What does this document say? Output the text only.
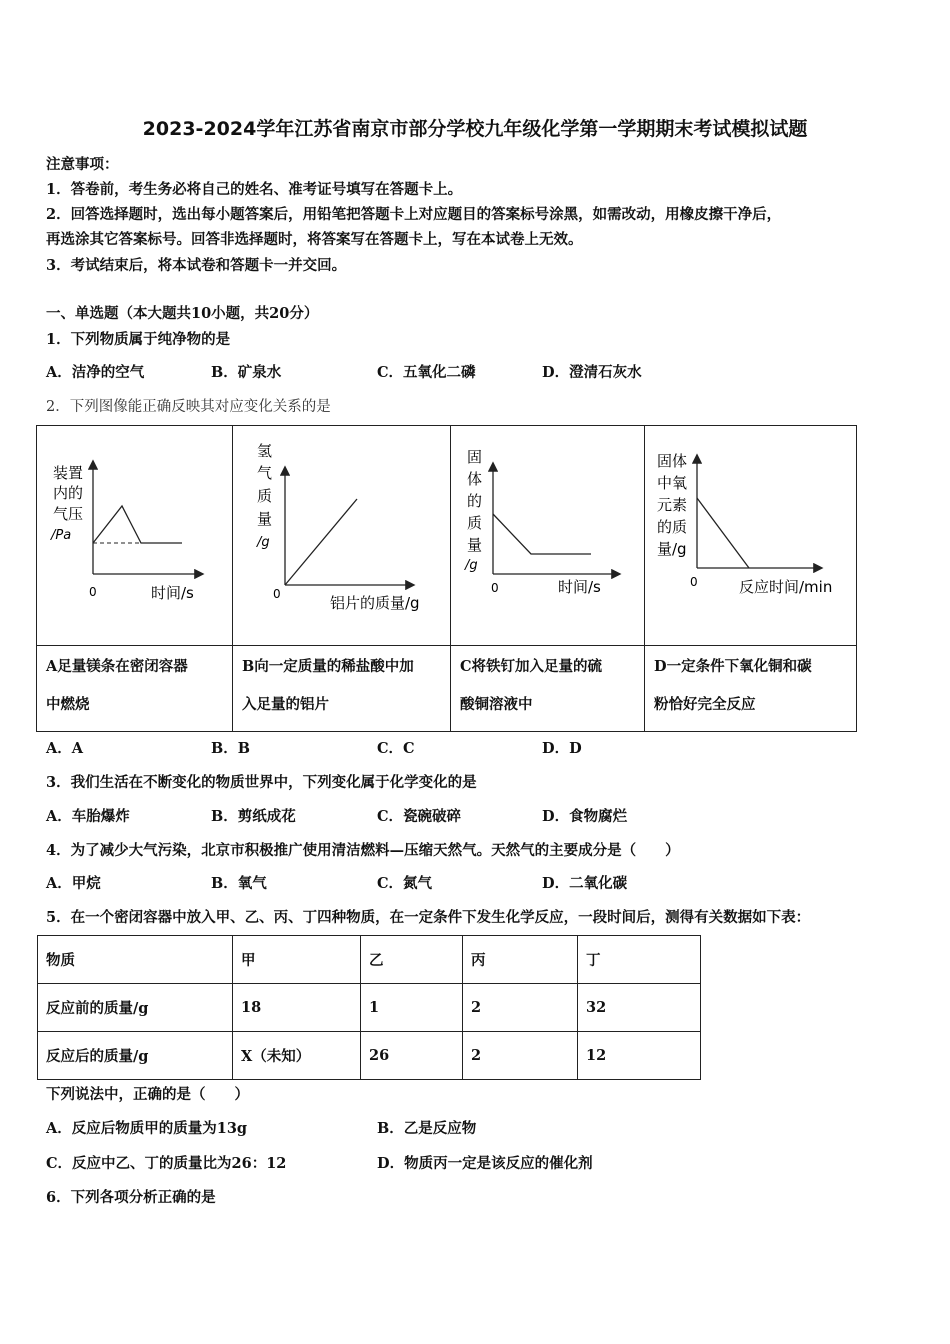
2023-2024学年江苏省南京市部分学校九年级化学第一学期期末考试模拟试题
注意事项：
1．答卷前，考生务必将自己的姓名、准考证号填写在答题卡上。
2．回答选择题时，选出每小题答案后，用铅笔把答题卡上对应题目的答案标号涂黑，如需改动，用橡皮擦干净后，
再选涂其它答案标号。回答非选择题时，将答案写在答题卡上，写在本试卷上无效。
3．考试结束后，将本试卷和答题卡一并交回。
一、单选题（本大题共10小题，共20分）
1．下列物质属于纯净物的是
A．洁净的空气	B．矿泉水	C．五氧化二磷	D．澄清石灰水
2．下列图像能正确反映其对应变化关系的是
装置
内的
气压
/Pa
0	时间/s
A足量镁条在密闭容器
中燃烧
氢
气
质
量
/g
0	铝片的质量/g
B向一定质量的稀盐酸中加
入足量的铝片
固
体
的
质
量
/g
0	时间/s
C将铁钉加入足量的硫
酸铜溶液中
固体
中氧
元素
的质
量/g
0	反应时间/min
D一定条件下氧化铜和碳
粉恰好完全反应
A．A	B．B	C．C	D．D
3．我们生活在不断变化的物质世界中，下列变化属于化学变化的是
A．车胎爆炸	B．剪纸成花	C．瓷碗破碎	D．食物腐烂
4．为了减少大气污染，北京市积极推广使用清洁燃料—压缩天然气。天然气的主要成分是（　　）
A．甲烷	B．氧气	C．氮气	D．二氧化碳
5．在一个密闭容器中放入甲、乙、丙、丁四种物质，在一定条件下发生化学反应，一段时间后，测得有关数据如下表：
物质	甲	乙	丙	丁
反应前的质量/g	18	1	2	32
反应后的质量/g	X（未知）	26	2	12
下列说法中，正确的是（　　）
A．反应后物质甲的质量为13g	B．乙是反应物
C．反应中乙、丁的质量比为26：12	D．物质丙一定是该反应的催化剂
6．下列各项分析正确的是
